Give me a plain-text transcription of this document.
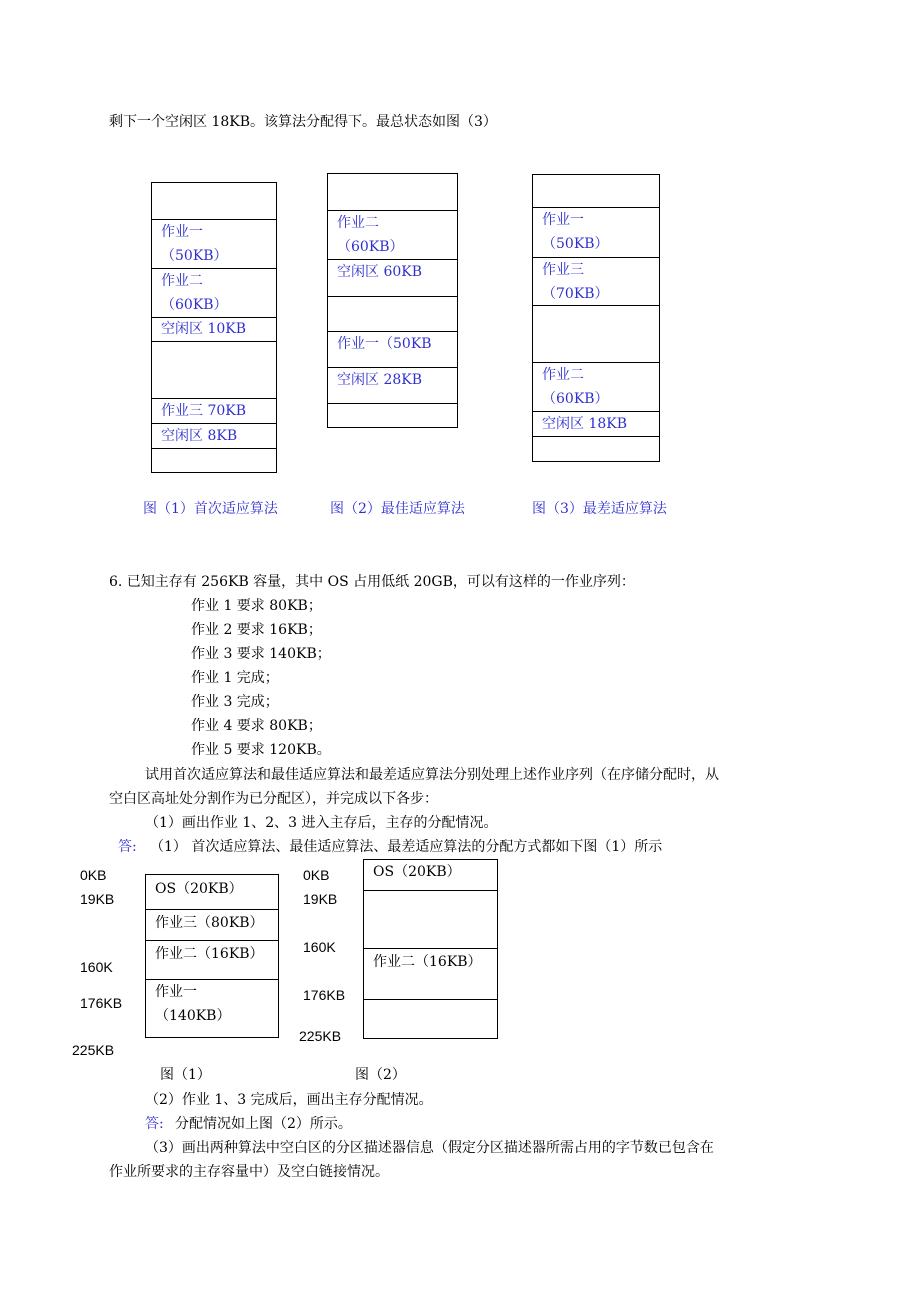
剩下一个空闲区 18KB。该算法分配得下。最总状态如图（3）
作业一
（50KB）
作业二
（60KB）
空闲区 10KB
作业三 70KB
空闲区 8KB
图（1）首次适应算法
作业二
（60KB）
空闲区 60KB
作业一（50KB
空闲区 28KB
图（2）最佳适应算法
作业一
（50KB）
作业三
（70KB）
作业二
（60KB）
空闲区 18KB
图（3）最差适应算法
6. 已知主存有 256KB 容量，其中 OS 占用低纸 20GB，可以有这样的一作业序列：
作业 1 要求 80KB；
作业 2 要求 16KB；
作业 3 要求 140KB；
作业 1 完成；
作业 3 完成；
作业 4 要求 80KB；
作业 5 要求 120KB。
试用首次适应算法和最佳适应算法和最差适应算法分别处理上述作业序列（在序储分配时，从
空白区高址处分割作为已分配区），并完成以下各步：
（1）画出作业 1、2、3 进入主存后，主存的分配情况。
答: （1） 首次适应算法、最佳适应算法、最差适应算法的分配方式都如下图（1）所示
0KB
19KB
160K
176KB
225KB
OS（20KB）
作业三（80KB）
作业二（16KB）
作业一
（140KB）
图（1）
0KB
19KB
160K
176KB
225KB
OS（20KB）
作业二（16KB）
图（2）
（2）作业 1、3 完成后，画出主存分配情况。
答: 分配情况如上图（2）所示。
（3）画出两种算法中空白区的分区描述器信息（假定分区描述器所需占用的字节数已包含在
作业所要求的主存容量中）及空白链接情况。
